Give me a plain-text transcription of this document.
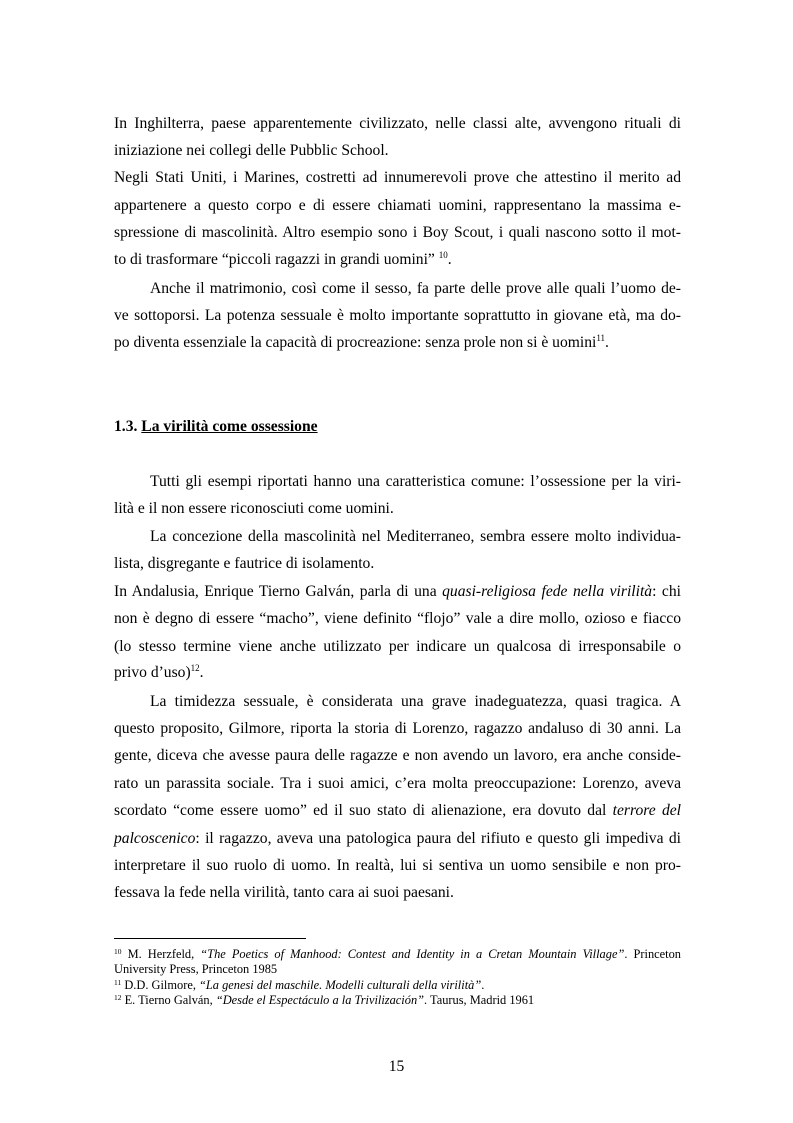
In Inghilterra, paese apparentemente civilizzato, nelle classi alte, avvengono rituali di
iniziazione nei collegi delle Pubblic School.
Negli Stati Uniti, i Marines, costretti ad innumerevoli prove che attestino il merito ad
appartenere a questo corpo e di essere chiamati uomini, rappresentano la massima e-
spressione di mascolinità. Altro esempio sono i Boy Scout, i quali nascono sotto il mot-
to di trasformare “piccoli ragazzi in grandi uomini” $^{10}$.
Anche il matrimonio, così come il sesso, fa parte delle prove alle quali l’uomo de-
ve sottoporsi. La potenza sessuale è molto importante soprattutto in giovane età, ma do-
po diventa essenziale la capacità di procreazione: senza prole non si è uomini$^{11}$.
1.3. La virilità come ossessione
Tutti gli esempi riportati hanno una caratteristica comune: l’ossessione per la viri-
lità e il non essere riconosciuti come uomini.
La concezione della mascolinità nel Mediterraneo, sembra essere molto individua-
lista, disgregante e fautrice di isolamento.
In Andalusia, Enrique Tierno Galván, parla di una quasi-religiosa fede nella virilità: chi
non è degno di essere “macho”, viene definito “flojo” vale a dire mollo, ozioso e fiacco
(lo stesso termine viene anche utilizzato per indicare un qualcosa di irresponsabile o
privo d’uso)$^{12}$.
La timidezza sessuale, è considerata una grave inadeguatezza, quasi tragica. A
questo proposito, Gilmore, riporta la storia di Lorenzo, ragazzo andaluso di 30 anni. La
gente, diceva che avesse paura delle ragazze e non avendo un lavoro, era anche conside-
rato un parassita sociale. Tra i suoi amici, c’era molta preoccupazione: Lorenzo, aveva
scordato “come essere uomo” ed il suo stato di alienazione, era dovuto dal terrore del
palcoscenico: il ragazzo, aveva una patologica paura del rifiuto e questo gli impediva di
interpretare il suo ruolo di uomo. In realtà, lui si sentiva un uomo sensibile e non pro-
fessava la fede nella virilità, tanto cara ai suoi paesani.
$^{10}$ M. Herzfeld, “The Poetics of Manhood: Contest and Identity in a Cretan Mountain Village”. Princeton
University Press, Princeton 1985
$^{11}$ D.D. Gilmore, “La genesi del maschile. Modelli culturali della virilità”.
$^{12}$ E. Tierno Galván, “Desde el Espectáculo a la Trivilización”. Taurus, Madrid 1961
15
